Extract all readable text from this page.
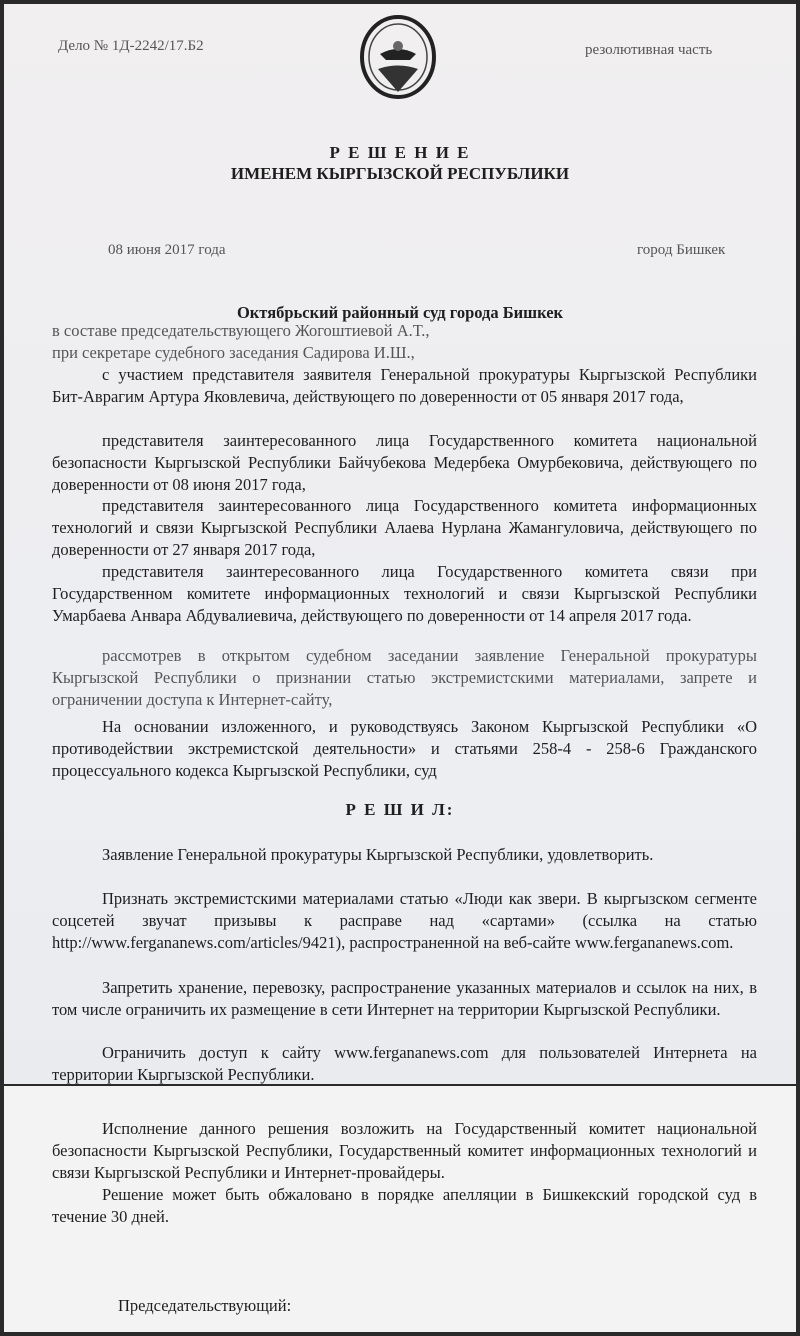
Дело № 1Д-2242/17.Б2	резолютивная часть
Р Е Ш Е Н И Е
ИМЕНЕМ КЫРГЫЗСКОЙ РЕСПУБЛИКИ
08 июня 2017 года	город Бишкек
Октябрьский районный суд города Бишкек
в составе председательствующего Жогоштиевой А.Т.,
при секретаре судебного заседания Садирова И.Ш.,
с участием представителя заявителя Генеральной прокуратуры Кыргызской Республики Бит-Аврагим Артура Яковлевича, действующего по доверенности от 05 января 2017 года,
представителя заинтересованного лица Государственного комитета национальной безопасности Кыргызской Республики Байчубекова Медербека Омурбековича, действующего по доверенности от 08 июня 2017 года,
представителя заинтересованного лица Государственного комитета информационных технологий и связи Кыргызской Республики Алаева Нурлана Жамангуловича, действующего по доверенности от 27 января 2017 года,
представителя заинтересованного лица Государственного комитета связи при Государственном комитете информационных технологий и связи Кыргызской Республики Умарбаева Анвара Абдувалиевича, действующего по доверенности от 14 апреля 2017 года.
рассмотрев в открытом судебном заседании заявление Генеральной прокуратуры Кыргызской Республики о признании статью экстремистскими материалами, запрете и ограничении доступа к Интернет-сайту,
На основании изложенного, и руководствуясь Законом Кыргызской Республики «О противодействии экстремистской деятельности» и статьями 258-4 - 258-6 Гражданского процессуального кодекса Кыргызской Республики, суд
Р Е Ш И Л:
Заявление Генеральной прокуратуры Кыргызской Республики, удовлетворить.
Признать экстремистскими материалами статью «Люди как звери. В кыргызском сегменте соцсетей звучат призывы к расправе над «сартами» (ссылка на статью http://www.fergananews.com/articles/9421), распространенной на веб-сайте www.fergananews.com.
Запретить хранение, перевозку, распространение указанных материалов и ссылок на них, в том числе ограничить их размещение в сети Интернет на территории Кыргызской Республики.
Ограничить доступ к сайту www.fergananews.com для пользователей Интернета на территории Кыргызской Республики.
Исполнение данного решения возложить на Государственный комитет национальной безопасности Кыргызской Республики, Государственный комитет информационных технологий и связи Кыргызской Республики и Интернет-провайдеры.
Решение может быть обжаловано в порядке апелляции в Бишкекский городской суд в течение 30 дней.
Председательствующий:
